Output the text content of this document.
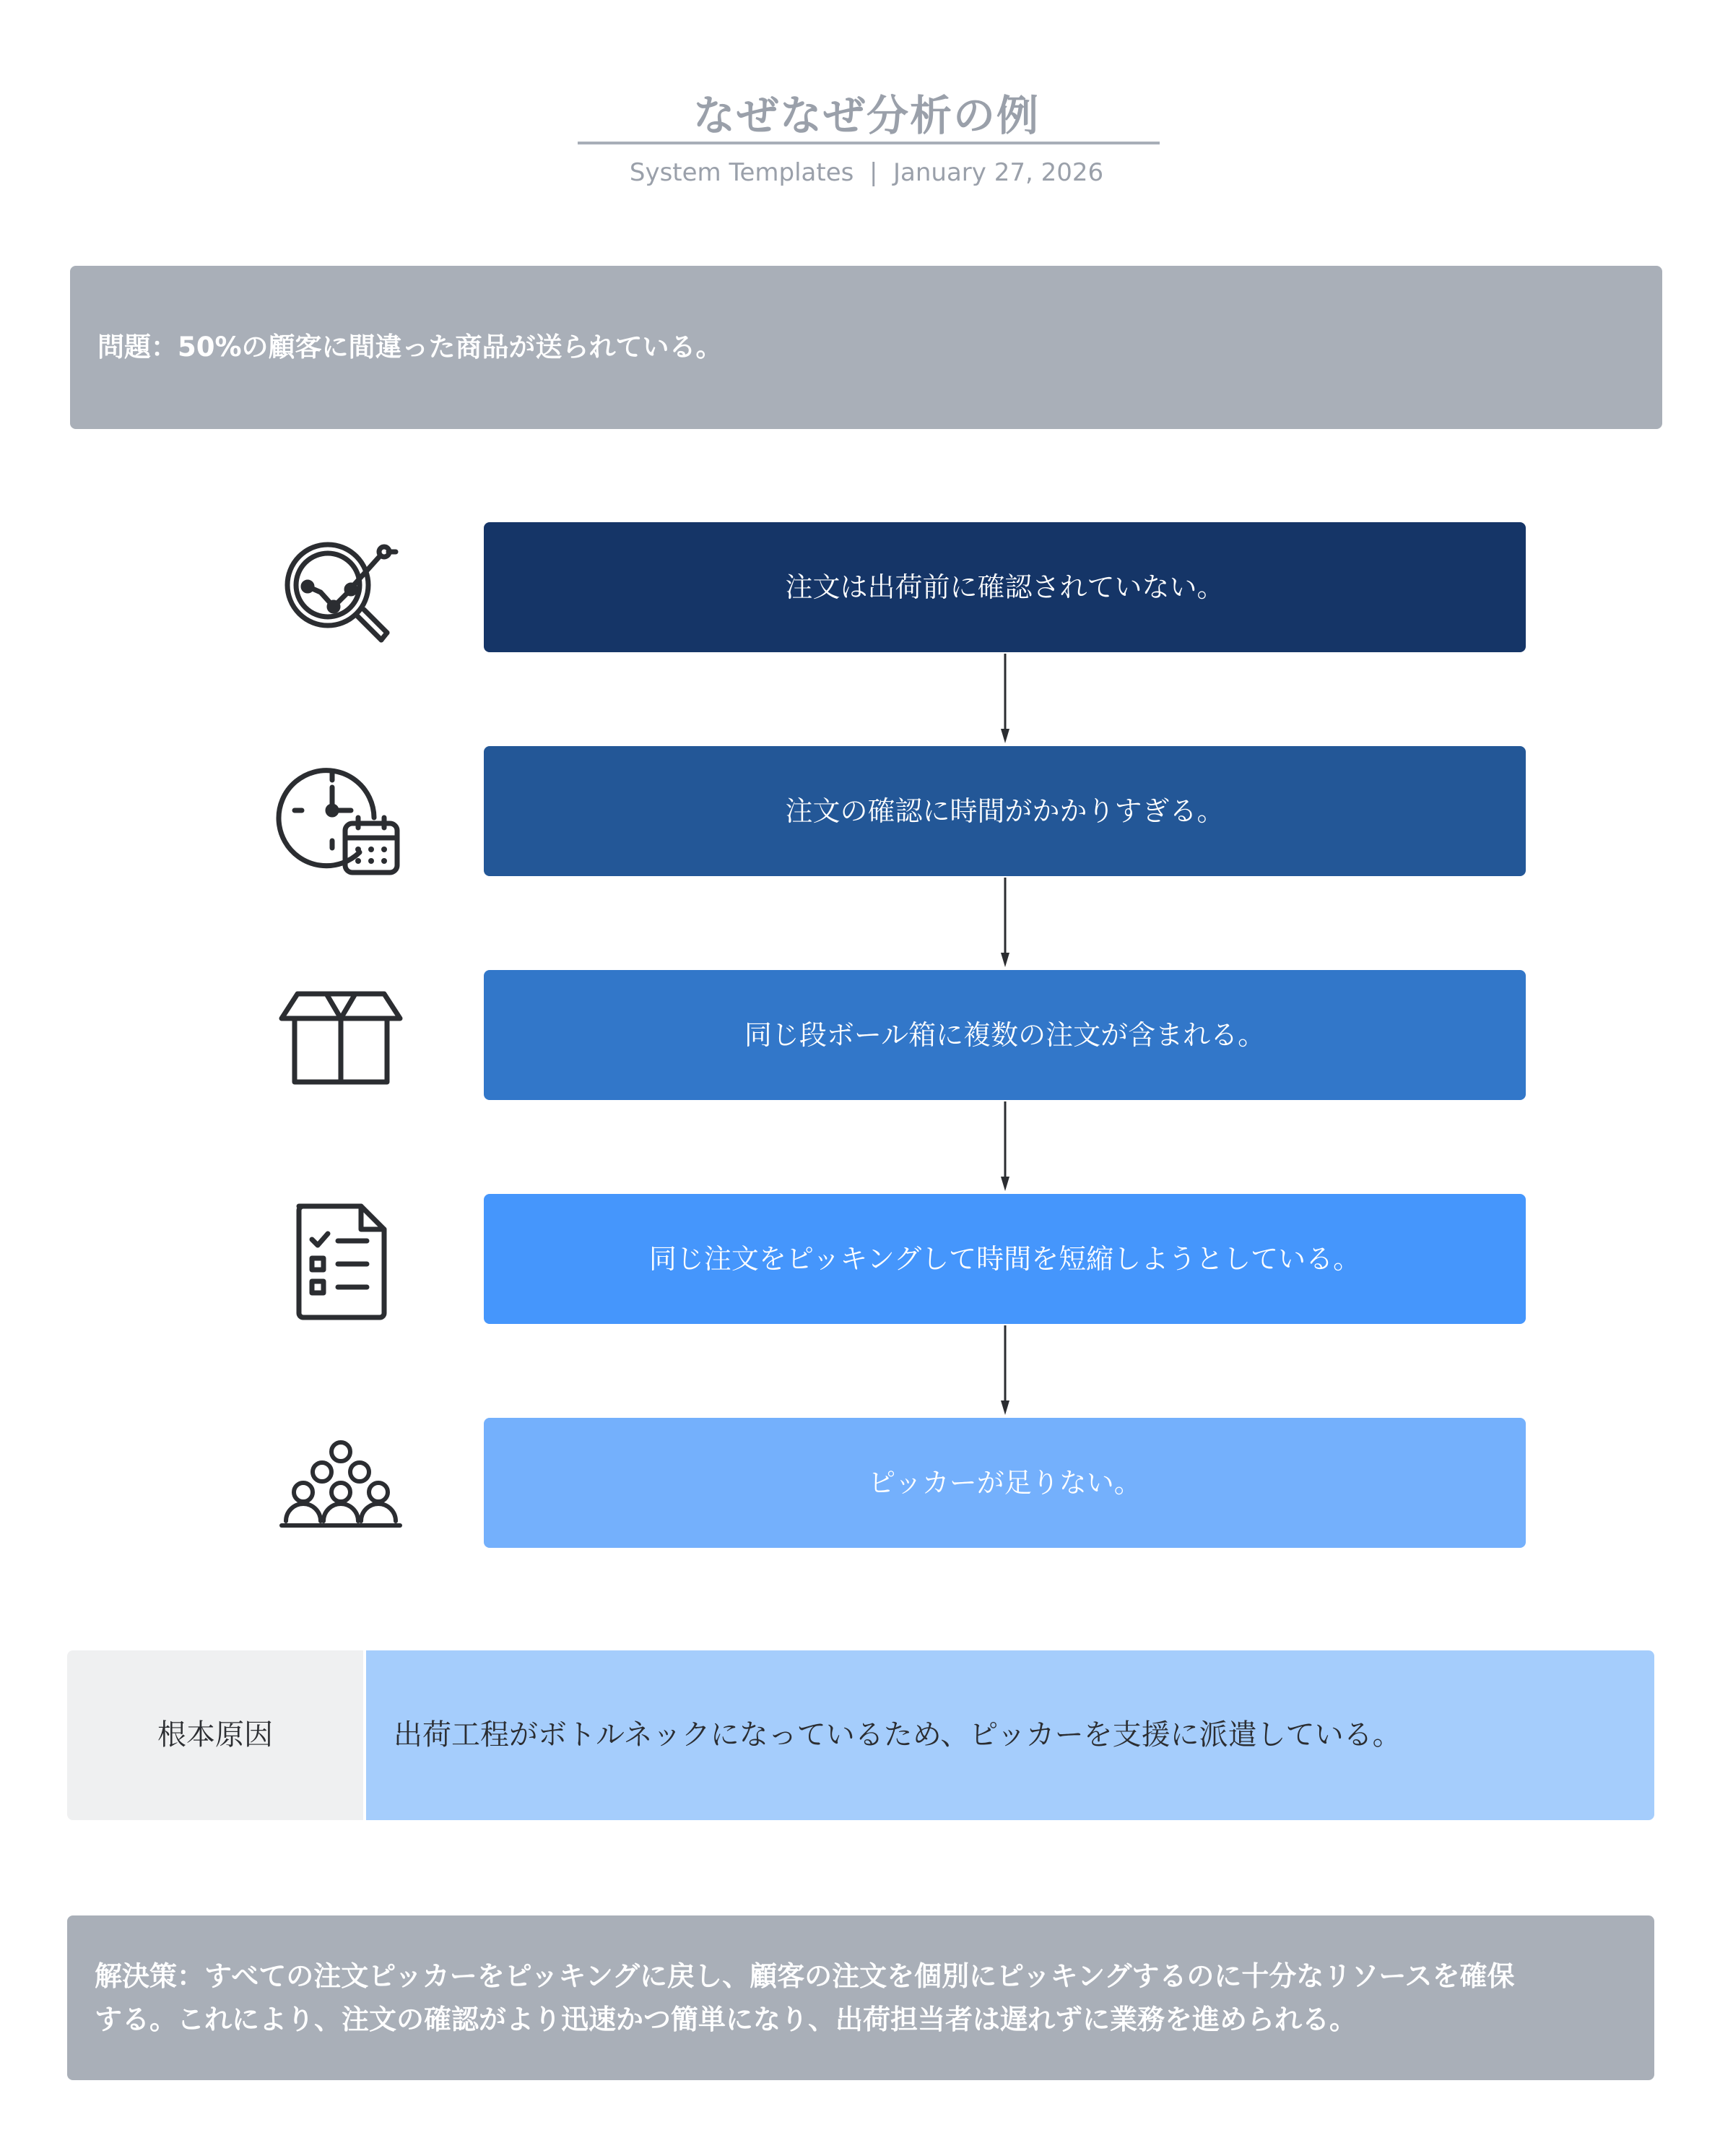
なぜなぜ分析の例
System Templates  |  January 27, 2026
問題：50%の顧客に間違った商品が送られている。
注文は出荷前に確認されていない。
注文の確認に時間がかかりすぎる。
同じ段ボール箱に複数の注文が含まれる。
同じ注文をピッキングして時間を短縮しようとしている。
ピッカーが足りない。
根本原因	出荷工程がボトルネックになっているため、ピッカーを支援に派遣している。
解決策：すべての注文ピッカーをピッキングに戻し、顧客の注文を個別にピッキングするのに十分なリソースを確保
する。これにより、注文の確認がより迅速かつ簡単になり、出荷担当者は遅れずに業務を進められる。
